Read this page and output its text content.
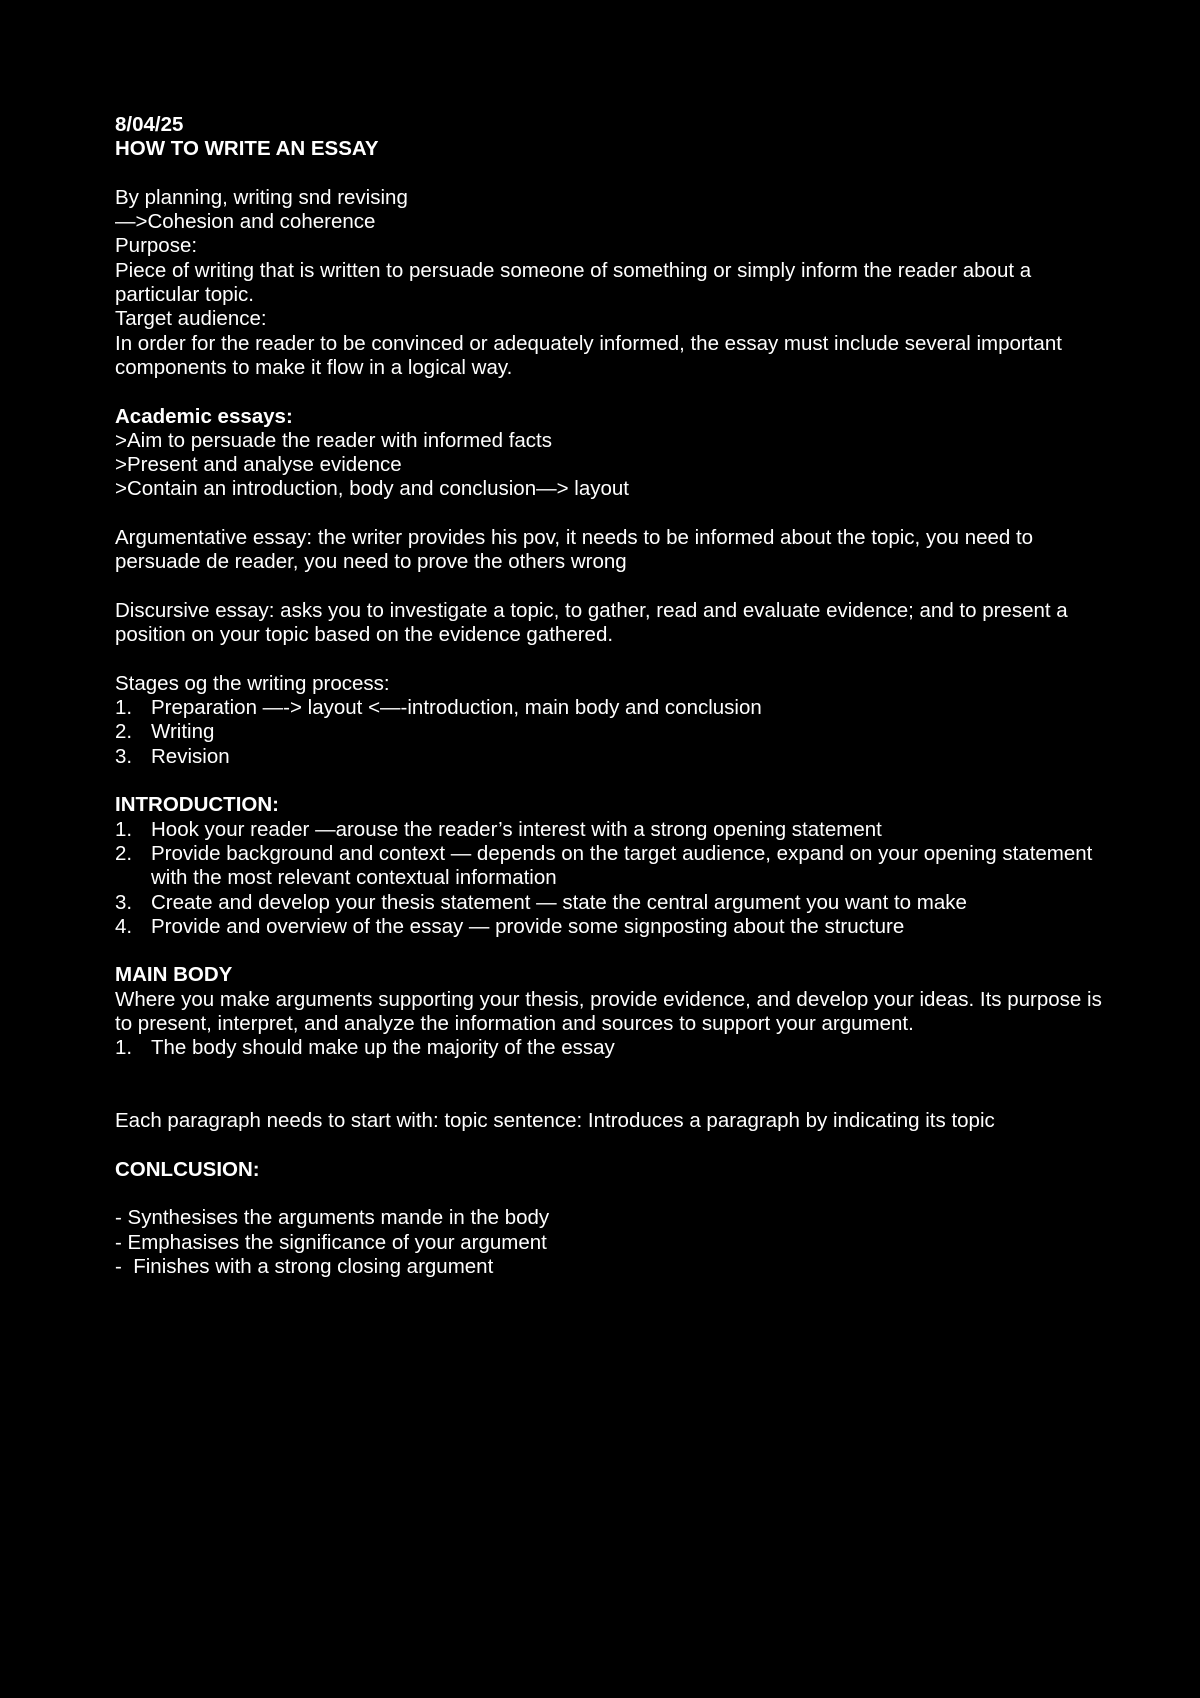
8/04/25
HOW TO WRITE AN ESSAY
By planning, writing snd revising
—>Cohesion and coherence
Purpose:
Piece of writing that is written to persuade someone of something or simply inform the reader about a particular topic.
Target audience:
In order for the reader to be convinced or adequately informed, the essay must include several important components to make it flow in a logical way.
Academic essays:
>Aim to persuade the reader with informed facts
>Present and analyse evidence
>Contain an introduction, body and conclusion—> layout
Argumentative essay: the writer provides his pov, it needs to be informed about the topic, you need to persuade de reader, you need to prove the others wrong
Discursive essay: asks you to investigate a topic, to gather, read and evaluate evidence; and to present a position on your topic based on the evidence gathered.
Stages og the writing process:
1. Preparation —-> layout <—-introduction, main body and conclusion
2. Writing
3. Revision
INTRODUCTION:
1. Hook your reader —arouse the reader’s interest with a strong opening statement
2. Provide background and context — depends on the target audience, expand on your opening statement with the most relevant contextual information
3. Create and develop your thesis statement — state the central argument you want to make
4. Provide and overview of the essay — provide some signposting about the structure
MAIN BODY
Where you make arguments supporting your thesis, provide evidence, and develop your ideas. Its purpose is to present, interpret, and analyze the information and sources to support your argument.
1. The body should make up the majority of the essay
Each paragraph needs to start with: topic sentence: Introduces a paragraph by indicating its topic
CONLCUSION:
- Synthesises the arguments mande in the body
- Emphasises the significance of your argument
-  Finishes with a strong closing argument
